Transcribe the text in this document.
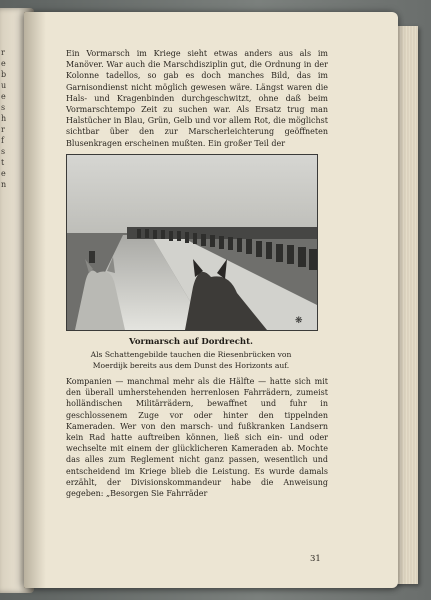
r
e
b
u
e
s
h
r
f
s
t
e
n

Ein Vormarsch im Kriege sieht etwas anders aus als im Manöver. War auch die Marschdisziplin gut, die Ordnung in der Kolonne tadellos, so gab es doch manches Bild, das im Garnisondienst nicht möglich gewesen wäre. Längst waren die Hals- und Kragenbinden durchgeschwitzt, ohne daß beim Vormarschtempo Zeit zu suchen war. Als Ersatz trug man Halstücher in Blau, Grün, Gelb und vor allem Rot, die möglichst sichtbar über den zur Marscherleichterung geöffneten Blusenkragen erscheinen mußten. Ein großer Teil der

❋
Vormarsch auf Dordrecht.
Als Schattengebilde tauchen die Riesenbrücken von Moerdijk bereits aus dem Dunst des Horizonts auf.

Kompanien — manchmal mehr als die Hälfte — hatte sich mit den überall umherstehenden herrenlosen Fahrrädern, zumeist holländischen Militärrädern, bewaffnet und fuhr in geschlossenem Zuge vor oder hinter den tippelnden Kameraden. Wer von den marsch- und fußkranken Landsern kein Rad hatte auftreiben können, ließ sich ein- und oder wechselte mit einem der glücklicheren Kameraden ab. Mochte das alles zum Reglement nicht ganz passen, wesentlich und entscheidend im Kriege blieb die Leistung. Es wurde damals erzählt, der Divisionskommandeur habe die Anweisung gegeben: „Besorgen Sie Fahrräder

31
